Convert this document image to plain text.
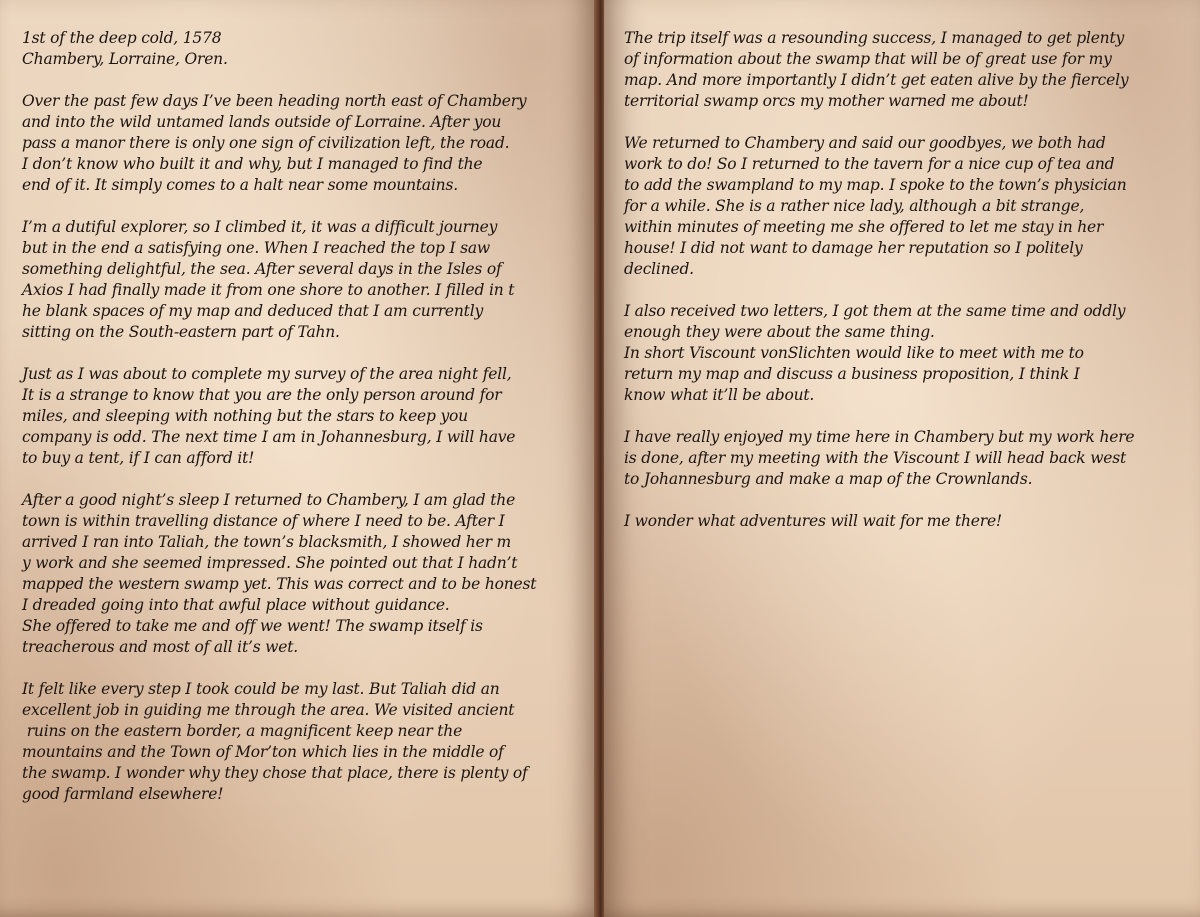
1st of the deep cold, 1578
Chambery, Lorraine, Oren.
Over the past few days I’ve been heading north east of Chambery
and into the wild untamed lands outside of Lorraine. After you
pass a manor there is only one sign of civilization left, the road.
I don’t know who built it and why, but I managed to find the
end of it. It simply comes to a halt near some mountains.
I’m a dutiful explorer, so I climbed it, it was a difficult journey
but in the end a satisfying one. When I reached the top I saw
something delightful, the sea. After several days in the Isles of
Axios I had finally made it from one shore to another. I filled in t
he blank spaces of my map and deduced that I am currently
sitting on the South-eastern part of Tahn.
Just as I was about to complete my survey of the area night fell,
It is a strange to know that you are the only person around for
miles, and sleeping with nothing but the stars to keep you
company is odd. The next time I am in Johannesburg, I will have
to buy a tent, if I can afford it!
After a good night’s sleep I returned to Chambery, I am glad the
town is within travelling distance of where I need to be. After I
arrived I ran into Taliah, the town’s blacksmith, I showed her m
y work and she seemed impressed. She pointed out that I hadn’t
mapped the western swamp yet. This was correct and to be honest
I dreaded going into that awful place without guidance.
She offered to take me and off we went! The swamp itself is
treacherous and most of all it’s wet.
It felt like every step I took could be my last. But Taliah did an
excellent job in guiding me through the area. We visited ancient
ruins on the eastern border, a magnificent keep near the
mountains and the Town of Mor’ton which lies in the middle of
the swamp. I wonder why they chose that place, there is plenty of
good farmland elsewhere!
The trip itself was a resounding success, I managed to get plenty
of information about the swamp that will be of great use for my
map. And more importantly I didn’t get eaten alive by the fiercely
territorial swamp orcs my mother warned me about!
We returned to Chambery and said our goodbyes, we both had
work to do! So I returned to the tavern for a nice cup of tea and
to add the swampland to my map. I spoke to the town’s physician
for a while. She is a rather nice lady, although a bit strange,
within minutes of meeting me she offered to let me stay in her
house! I did not want to damage her reputation so I politely
declined.
I also received two letters, I got them at the same time and oddly
enough they were about the same thing.
In short Viscount vonSlichten would like to meet with me to
return my map and discuss a business proposition, I think I
know what it’ll be about.
I have really enjoyed my time here in Chambery but my work here
is done, after my meeting with the Viscount I will head back west
to Johannesburg and make a map of the Crownlands.
I wonder what adventures will wait for me there!
